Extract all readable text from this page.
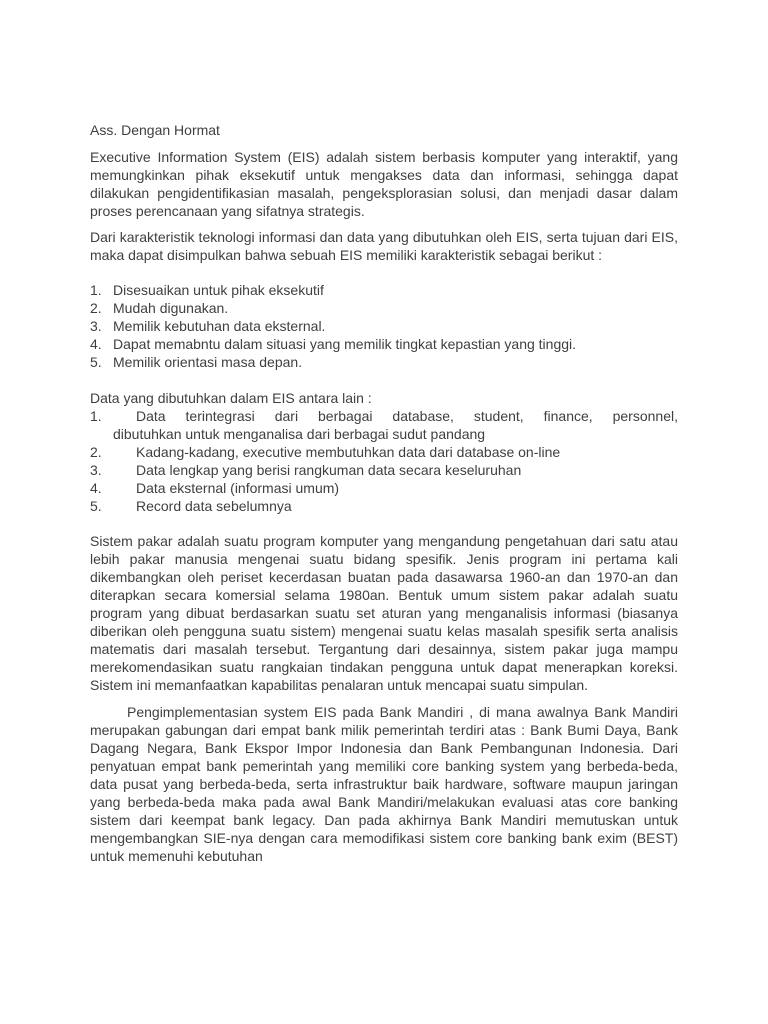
Ass. Dengan Hormat

Executive Information System (EIS) adalah sistem berbasis komputer yang interaktif, yang memungkinkan pihak eksekutif untuk mengakses data dan informasi, sehingga dapat dilakukan pengidentifikasian masalah, pengeksplorasian solusi, dan menjadi dasar dalam proses perencanaan yang sifatnya strategis.

Dari karakteristik teknologi informasi dan data yang dibutuhkan oleh EIS, serta tujuan dari EIS, maka dapat disimpulkan bahwa sebuah EIS memiliki karakteristik sebagai berikut :

1. Disesuaikan untuk pihak eksekutif
2. Mudah digunakan.
3. Memilik kebutuhan data eksternal.
4. Dapat memabntu dalam situasi yang memilik tingkat kepastian yang tinggi.
5. Memilik orientasi masa depan.

Data yang dibutuhkan dalam EIS antara lain :

1. Data terintegrasi dari berbagai database, student, finance, personnel,
dibutuhkan untuk menganalisa dari berbagai sudut pandang
2. Kadang-kadang, executive membutuhkan data dari database on-line
3. Data lengkap yang berisi rangkuman data secara keseluruhan
4. Data eksternal (informasi umum)
5. Record data sebelumnya

Sistem pakar adalah suatu program komputer yang mengandung pengetahuan dari satu atau lebih pakar manusia mengenai suatu bidang spesifik. Jenis program ini pertama kali dikembangkan oleh periset kecerdasan buatan pada dasawarsa 1960-an dan 1970-an dan diterapkan secara komersial selama 1980an. Bentuk umum sistem pakar adalah suatu program yang dibuat berdasarkan suatu set aturan yang menganalisis informasi (biasanya diberikan oleh pengguna suatu sistem) mengenai suatu kelas masalah spesifik serta analisis matematis dari masalah tersebut. Tergantung dari desainnya, sistem pakar juga mampu merekomendasikan suatu rangkaian tindakan pengguna untuk dapat menerapkan koreksi. Sistem ini memanfaatkan kapabilitas penalaran untuk mencapai suatu simpulan.

Pengimplementasian system EIS pada Bank Mandiri , di mana awalnya Bank Mandiri merupakan gabungan dari empat bank milik pemerintah terdiri atas : Bank Bumi Daya, Bank Dagang Negara, Bank Ekspor Impor Indonesia dan Bank Pembangunan Indonesia. Dari penyatuan empat bank pemerintah yang memiliki core banking system yang berbeda-beda, data pusat yang berbeda-beda, serta infrastruktur baik hardware, software maupun jaringan yang berbeda-beda maka pada awal Bank Mandiri/melakukan evaluasi atas core banking sistem dari keempat bank legacy. Dan pada akhirnya Bank Mandiri memutuskan untuk mengembangkan SIE-nya dengan cara memodifikasi sistem core banking bank exim (BEST) untuk memenuhi kebutuhan
